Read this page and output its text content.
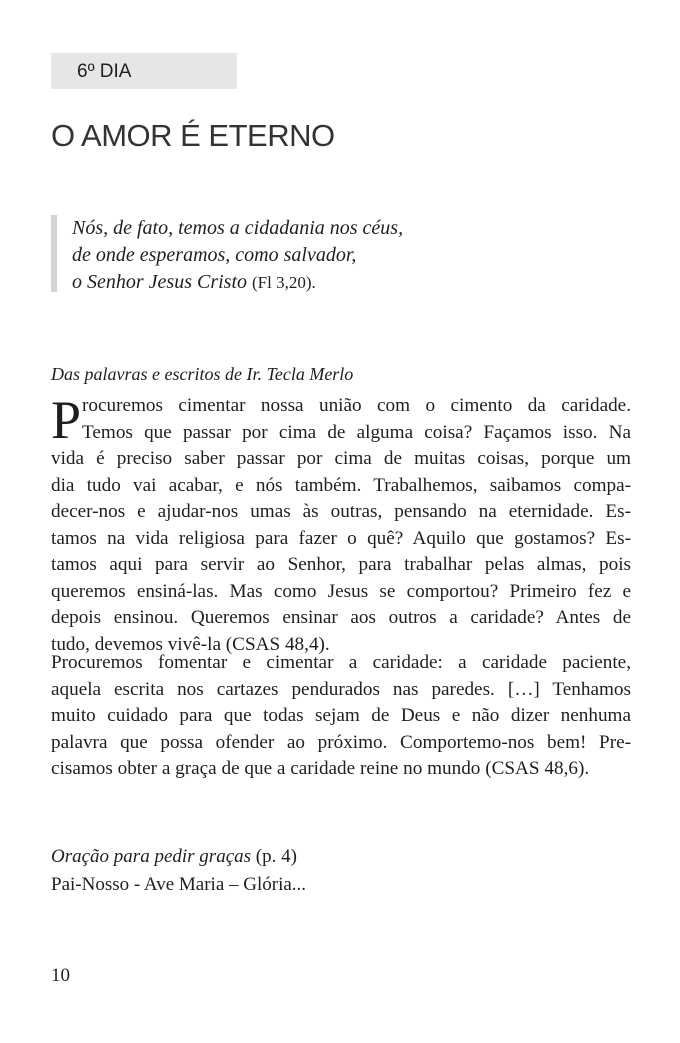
6º DIA
O AMOR É ETERNO
Nós, de fato, temos a cidadania nos céus,
de onde esperamos, como salvador,
o Senhor Jesus Cristo (Fl 3,20).
Das palavras e escritos de Ir. Tecla Merlo
P rocuremos cimentar nossa união com o cimento da caridade.
Temos que passar por cima de alguma coisa? Façamos isso. Na
vida é preciso saber passar por cima de muitas coisas, porque um
dia tudo vai acabar, e nós também. Trabalhemos, saibamos compa-
decer-nos e ajudar-nos umas às outras, pensando na eternidade. Es-
tamos na vida religiosa para fazer o quê? Aquilo que gostamos? Es-
tamos aqui para servir ao Senhor, para trabalhar pelas almas, pois
queremos ensiná-las. Mas como Jesus se comportou? Primeiro fez e
depois ensinou. Queremos ensinar aos outros a caridade? Antes de
tudo, devemos vivê-la (CSAS 48,4).
Procuremos fomentar e cimentar a caridade: a caridade paciente,
aquela escrita nos cartazes pendurados nas paredes. […] Tenhamos
muito cuidado para que todas sejam de Deus e não dizer nenhuma
palavra que possa ofender ao próximo. Comportemo-nos bem! Pre-
cisamos obter a graça de que a caridade reine no mundo (CSAS 48,6).
Oração para pedir graças (p. 4)
Pai-Nosso - Ave Maria – Glória...
10
